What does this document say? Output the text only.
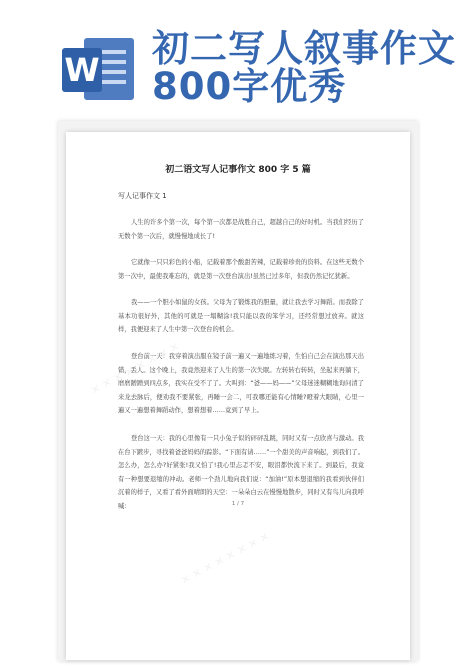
W 初二写人叙事作文
800字优秀
初二语文写人记事作文 800 字 5 篇
写人记事作文 1

人生的许多个第一次，每个第一次都是战胜自己，超越自己的好时机。当我们经历了无数个第一次后，就慢慢地成长了!

它就像一只只彩色的小船，记载着那个酸甜苦辣，记载着珍贵的资料。在这些无数个第一次中，最使我难忘的，就是第一次登台演出!虽然已过多年，但我仍然记忆犹新。

我——一个胆小如鼠的女孩。父母为了锻炼我的胆量，就让我去学习舞蹈。而我除了基本功很好外，其他的可就是一塌糊涂!我只能以我的笨学习，还经常想过放弃。就这样，我便迎来了人生中第一次登台的机会。

登台前一天：我穿着演出服在镜子前一遍又一遍地练习着，生怕自己会在演出那天出错，丢人。这个晚上，我竟然迎来了人生的第一次失眠。左转转右转转，坐起来再躺下，磨磨蹭蹭到四点多，我实在受不了了。大叫到：“爸——妈——”父母迷迷糊糊地询问清了来龙去脉后，便劝我不要紧张，再睡一会二，可我哪还能有心情睡?瞪着大眼睛，心里一遍又一遍想着舞蹈动作，想着想着……竟到了早上。

登台这一天：我的心里像有一只小兔子似的砰砰乱跳，同时又有一点欣喜与激动。我在台下踱步，寻找着爸爸妈妈的踪影。“下面有请……”一个甜美的声音响起，到我们了。怎么办，怎么办?好紧张!我又怕了!我心里忐忑不安，眼泪都快流下来了。到最后，我竟有一种想要退缩的冲动。老师一个劲儿地向我们说：“加油!”原本想退缩的我看到伙伴们沉着的样子，又看了看外面晴朗的天空：一朵朵白云在慢慢地散步，同时又有鸟儿向我呼喊：	1 / 7
✕ ✕ ✕ ✕ ✕ ✕ ✕ ✕
✕ ✕ ✕ ✕ ✕ ✕ ✕ ✕
